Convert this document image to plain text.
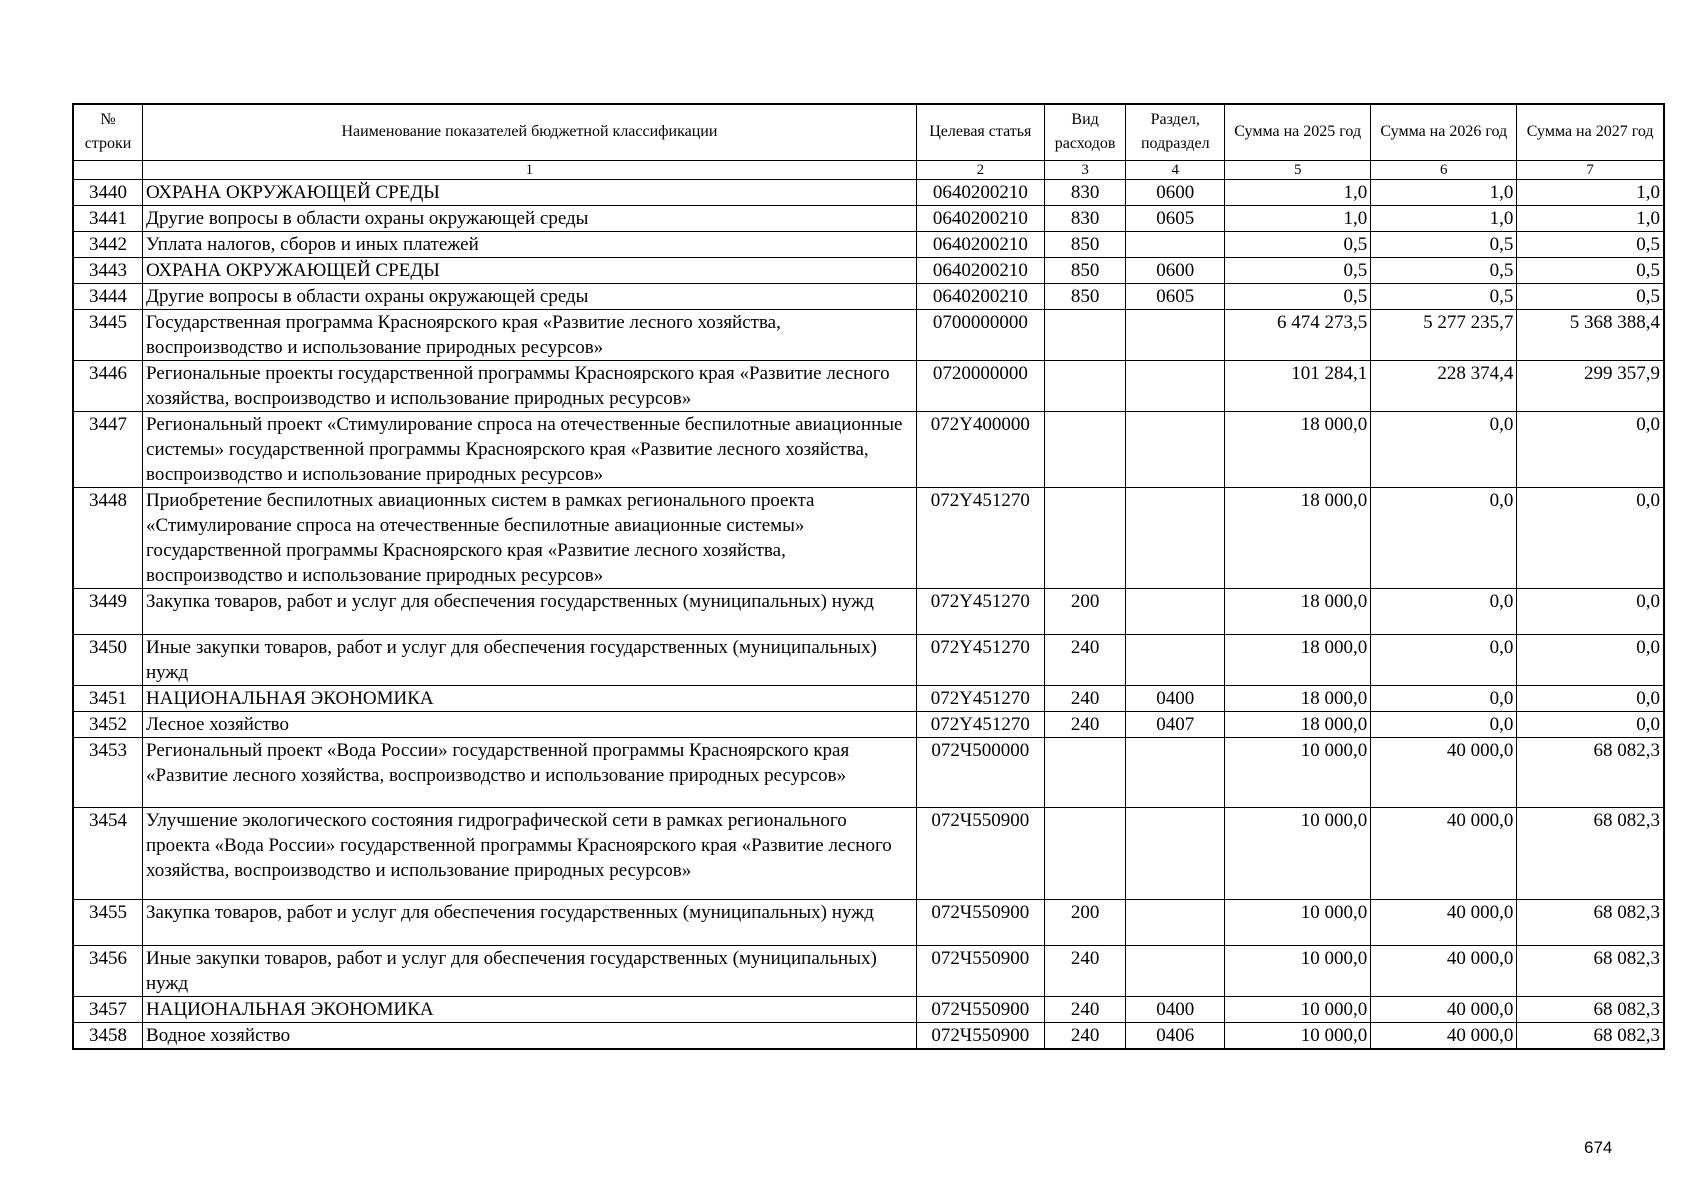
№ строки	Наименование показателей бюджетной классификации	Целевая статья	Вид расходов	Раздел, подраздел	Сумма на 2025 год	Сумма на 2026 год	Сумма на 2027 год
	1	2	3	4	5	6	7
3440	ОХРАНА ОКРУЖАЮЩЕЙ СРЕДЫ	0640200210	830	0600	1,0	1,0	1,0
3441	Другие вопросы в области охраны окружающей среды	0640200210	830	0605	1,0	1,0	1,0
3442	Уплата налогов, сборов и иных платежей	0640200210	850		0,5	0,5	0,5
3443	ОХРАНА ОКРУЖАЮЩЕЙ СРЕДЫ	0640200210	850	0600	0,5	0,5	0,5
3444	Другие вопросы в области охраны окружающей среды	0640200210	850	0605	0,5	0,5	0,5
3445	Государственная программа Красноярского края «Развитие лесного хозяйства, воспроизводство и использование природных ресурсов»	0700000000			6 474 273,5	5 277 235,7	5 368 388,4
3446	Региональные проекты государственной программы Красноярского края «Развитие лесного хозяйства, воспроизводство и использование природных ресурсов»	0720000000			101 284,1	228 374,4	299 357,9
3447	Региональный проект «Стимулирование спроса на отечественные беспилотные авиационные системы» государственной программы Красноярского края «Развитие лесного хозяйства, воспроизводство и использование природных ресурсов»	072Y400000			18 000,0	0,0	0,0
3448	Приобретение беспилотных авиационных систем в рамках регионального проекта «Стимулирование спроса на отечественные беспилотные авиационные системы» государственной программы Красноярского края «Развитие лесного хозяйства, воспроизводство и использование природных ресурсов»	072Y451270			18 000,0	0,0	0,0
3449	Закупка товаров, работ и услуг для обеспечения государственных (муниципальных) нужд	072Y451270	200		18 000,0	0,0	0,0
3450	Иные закупки товаров, работ и услуг для обеспечения государственных (муниципальных) нужд	072Y451270	240		18 000,0	0,0	0,0
3451	НАЦИОНАЛЬНАЯ ЭКОНОМИКА	072Y451270	240	0400	18 000,0	0,0	0,0
3452	Лесное хозяйство	072Y451270	240	0407	18 000,0	0,0	0,0
3453	Региональный проект «Вода России» государственной программы Красноярского края «Развитие лесного хозяйства, воспроизводство и использование природных ресурсов»	072Ч500000			10 000,0	40 000,0	68 082,3
3454	Улучшение экологического состояния гидрографической сети в рамках регионального проекта «Вода России» государственной программы Красноярского края «Развитие лесного хозяйства, воспроизводство и использование природных ресурсов»	072Ч550900			10 000,0	40 000,0	68 082,3
3455	Закупка товаров, работ и услуг для обеспечения государственных (муниципальных) нужд	072Ч550900	200		10 000,0	40 000,0	68 082,3
3456	Иные закупки товаров, работ и услуг для обеспечения государственных (муниципальных) нужд	072Ч550900	240		10 000,0	40 000,0	68 082,3
3457	НАЦИОНАЛЬНАЯ ЭКОНОМИКА	072Ч550900	240	0400	10 000,0	40 000,0	68 082,3
3458	Водное хозяйство	072Ч550900	240	0406	10 000,0	40 000,0	68 082,3
674
